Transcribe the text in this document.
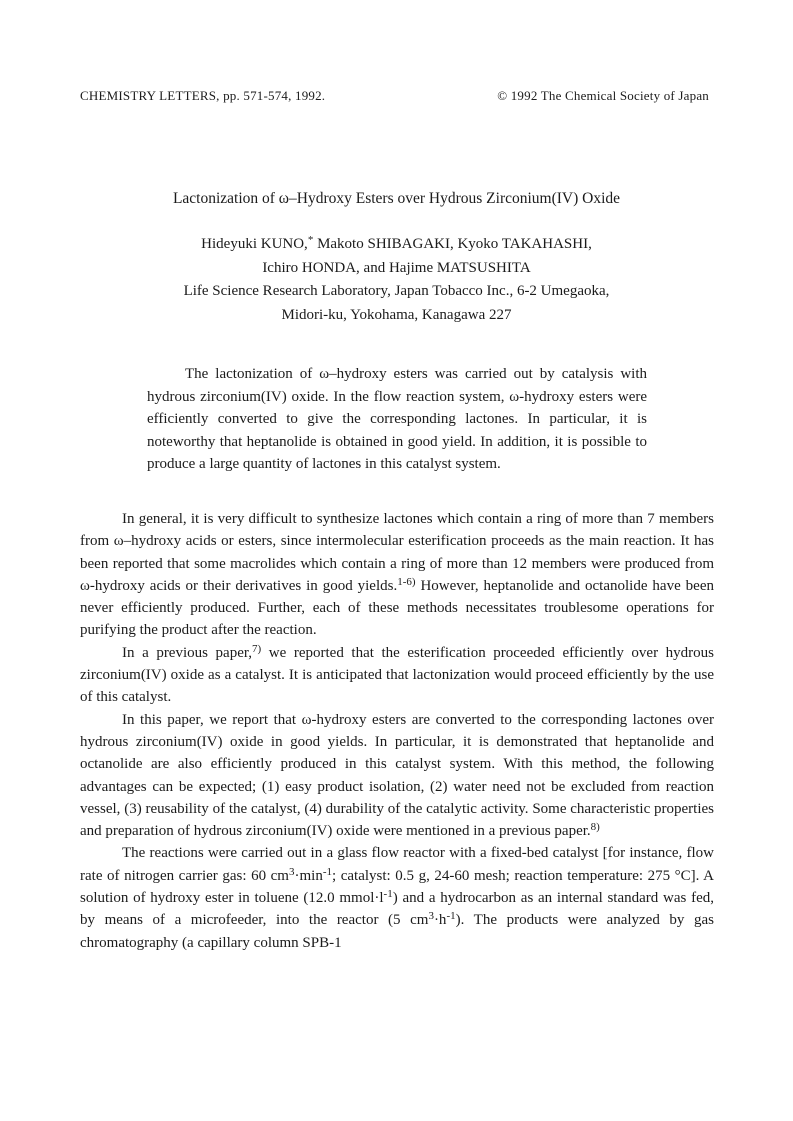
CHEMISTRY LETTERS, pp. 571-574, 1992.	© 1992 The Chemical Society of Japan
Lactonization of ω–Hydroxy Esters over Hydrous Zirconium(IV) Oxide
Hideyuki KUNO,* Makoto SHIBAGAKI, Kyoko TAKAHASHI,
Ichiro HONDA, and Hajime MATSUSHITA
Life Science Research Laboratory, Japan Tobacco Inc., 6-2 Umegaoka,
Midori-ku, Yokohama, Kanagawa 227

The lactonization of ω–hydroxy esters was carried out by catalysis with hydrous zirconium(IV) oxide. In the flow reaction system, ω-hydroxy esters were efficiently converted to give the corresponding lactones. In particular, it is noteworthy that heptanolide is obtained in good yield. In addition, it is possible to produce a large quantity of lactones in this catalyst system.

In general, it is very difficult to synthesize lactones which contain a ring of more than 7 members from ω–hydroxy acids or esters, since intermolecular esterification proceeds as the main reaction. It has been reported that some macrolides which contain a ring of more than 12 members were produced from ω-hydroxy acids or their derivatives in good yields.$^{1-6)}$ However, heptanolide and octanolide have been never efficiently produced. Further, each of these methods necessitates troublesome operations for purifying the product after the reaction.

In a previous paper,$^{7)}$ we reported that the esterification proceeded efficiently over hydrous zirconium(IV) oxide as a catalyst. It is anticipated that lactonization would proceed efficiently by the use of this catalyst.

In this paper, we report that ω-hydroxy esters are converted to the corresponding lactones over hydrous zirconium(IV) oxide in good yields. In particular, it is demonstrated that heptanolide and octanolide are also efficiently produced in this catalyst system. With this method, the following advantages can be expected; (1) easy product isolation, (2) water need not be excluded from reaction vessel, (3) reusability of the catalyst, (4) durability of the catalytic activity. Some characteristic properties and preparation of hydrous zirconium(IV) oxide were mentioned in a previous paper.$^{8)}$

The reactions were carried out in a glass flow reactor with a fixed-bed catalyst [for instance, flow rate of nitrogen carrier gas: 60 $cm^3\cdot\min^{-1}$; catalyst: 0.5 g, 24-60 mesh; reaction temperature: 275 °C]. A solution of hydroxy ester in toluene (12.0 $mmol\cdot l^{-1}$) and a hydrocarbon as an internal standard was fed, by means of a microfeeder, into the reactor (5 $cm^3\cdot h^{-1}$). The products were analyzed by gas chromatography (a capillary column SPB-1
